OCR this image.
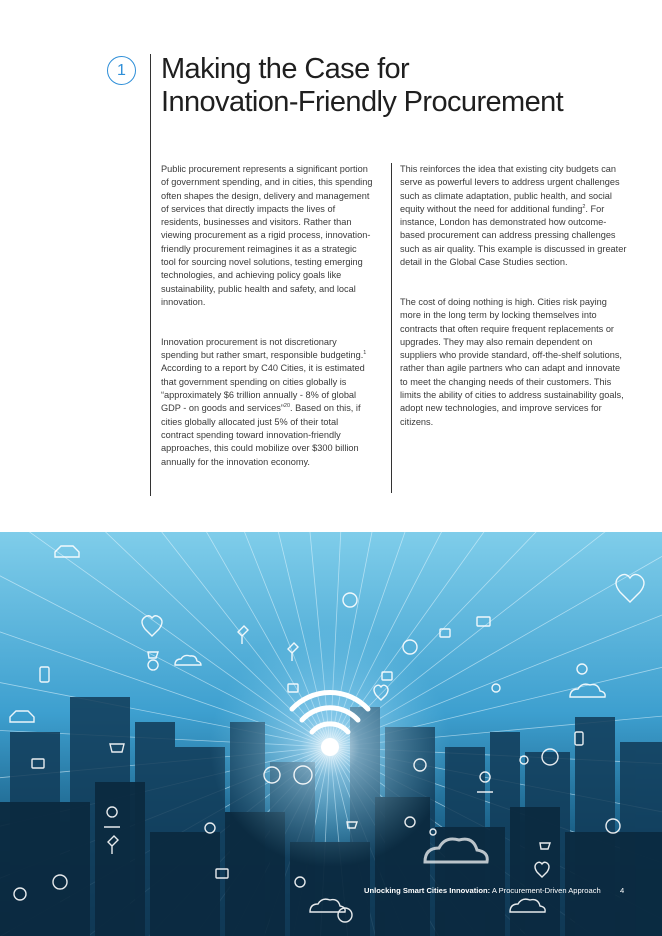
1	Making the Case for
Innovation-Friendly Procurement

Public procurement represents a significant portion of government spending, and in cities, this spending often shapes the design, delivery and management of services that directly impacts the lives of residents, businesses and visitors. Rather than viewing procurement as a rigid process, innovation-friendly procurement reimagines it as a strategic tool for sourcing novel solutions, testing emerging technologies, and achieving policy goals like sustainability, public health and safety, and local innovation.

Innovation procurement is not discretionary spending but rather smart, responsible budgeting.$^1$ According to a report by C40 Cities, it is estimated that government spending on cities globally is “approximately $6 trillion annually - 8% of global GDP - on goods and services”$^{20}$. Based on this, if cities globally allocated just 5% of their total contract spending toward innovation-friendly approaches, this could mobilize over $300 billion annually for the innovation economy.

This reinforces the idea that existing city budgets can serve as powerful levers to address urgent challenges such as climate adaptation, public health, and social equity without the need for additional funding$^2$. For instance, London has demonstrated how outcome-based procurement can address pressing challenges such as air quality. This example is discussed in greater detail in the Global Case Studies section.

The cost of doing nothing is high. Cities risk paying more in the long term by locking themselves into contracts that often require frequent replacements or upgrades. They may also remain dependent on suppliers who provide standard, off-the-shelf solutions, rather than agile partners who can adapt and innovate to meet the changing needs of their customers. This limits the ability of cities to address sustainability goals, adopt new technologies, and improve services for citizens.

Unlocking Smart Cities Innovation: A Procurement-Driven Approach	4
